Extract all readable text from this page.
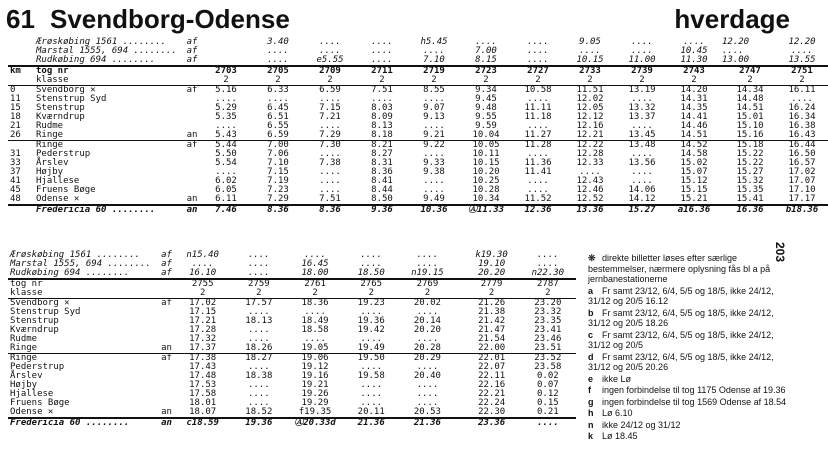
61 Svendborg-Odense	hverdage
203
	Ærøskøbing 1561 ........	af		3.40	....	....	h5.45	....	....	9.05	....	....	12.20		12.20	
	Marstal 1555, 694 ........	af		....	....	....	....	7.00	....	....	....	10.45	....		....	
	Rudkøbing 694 ........	af		....	e5.55	....	7.10	8.15	....	10.15	11.00	11.30	13.00		13.55	
km	tog nr		2703	2705	2709	2711	2719	2723	2727	2733	2739	2743		2747	2751	
	klasse		2	2	2	2	2	2	2	2	2	2		2	2	
0	Svendborg ✕	af	5.16	6.33	6.59	7.51	8.55	9.34	10.58	11.51	13.19	14.20		14.34	16.11	
11	Stenstrup Syd		....	....	....	....	....	9.45	....	12.02	....	14.31		14.48	....	
15	Stenstrup		5.29	6.45	7.15	8.03	9.07	9.48	11.11	12.05	13.32	14.35		14.51	16.24	
18	Kværndrup		5.35	6.51	7.21	8.09	9.13	9.55	11.18	12.12	13.37	14.41		15.01	16.34	
21	Rudme		....	6.55	....	8.13	....	9.59	....	12.16	....	14.46		15.10	16.38	
26	Ringe	an	5.43	6.59	7.29	8.18	9.21	10.04	11.27	12.21	13.45	14.51		15.16	16.43	
	Ringe	af	5.44	7.00	7.30	8.21	9.22	10.05	11.28	12.22	13.48	14.52		15.18	16.44	
31	Pederstrup		5.50	7.06	....	8.27	....	10.11	....	12.28	....	14.58		15.22	16.50	
33	Årslev		5.54	7.10	7.38	8.31	9.33	10.15	11.36	12.33	13.56	15.02		15.22	16.57	
37	Højby		....	7.15	....	8.36	9.38	10.20	11.41	....	....	15.07		15.27	17.02	
41	Hjallese		6.02	7.19	....	8.41	....	10.25	....	12.43	....	15.12		15.32	17.07	
45	Fruens Bøge		6.05	7.23	....	8.44	....	10.28	....	12.46	14.06	15.15		15.35	17.10	
48	Odense ✕	an	6.11	7.29	7.51	8.50	9.49	10.34	11.52	12.52	14.12	15.21		15.41	17.17	
	Fredericia 60 ........	an	7.46	8.36	8.36	9.36	10.36	Ⓐ11.33	12.36	13.36	15.27	a16.36		16.36	b18.36	
Ærøskøbing 1561 ........	af	n15.40	....	....	....	....		k19.30	....
Marstal 1555, 694 ........	af	....	....	16.45	....	....		19.10	....
Rudkøbing 694 ........	af	16.10	....	18.00	18.50	n19.15		20.20	n22.30
tog nr		2755	2759	2761	2765	2769		2779	2787
klasse		2	2	2	2	2		2	2
Svendborg ✕	af	17.02	17.57	18.36	19.23	20.02		21.26	23.20
Stenstrup Syd		17.15	....	....	....	....		21.38	23.32
Stenstrup		17.21	18.13	18.49	19.36	20.14		21.42	23.35
Kværndrup		17.28	....	18.58	19.42	20.20		21.47	23.41
Rudme		17.32	....	....	....	....		21.54	23.46
Ringe	an	17.37	18.26	19.05	19.49	20.28		22.00	23.51
Ringe	af	17.38	18.27	19.06	19.50	20.29		22.01	23.52
Pederstrup		17.43	....	19.12	....	....		22.07	23.58
Årslev		17.48	18.38	19.16	19.58	20.40		22.11	0.02
Højby		17.53	....	19.21	....	....		22.16	0.07
Hjallese		17.58	....	19.26	....	....		22.21	0.12
Fruens Bøge		18.01	....	19.29	....	....		22.24	0.15
Odense ✕	an	18.07	18.52	f19.35	20.11	20.53		22.30	0.21
Fredericia 60 ........	an	c18.59	19.36	Ⓐ20.33d	21.36	21.36		23.36	....
❊ direkte billetter løses efter særlige bestemmelser, nærmere oplysning fås bl a på jernbanestationerne
a Fr samt 23/12, 6/4, 5/5 og 18/5, ikke 24/12, 31/12 og 20/5 16.12
b Fr samt 23/12, 6/4, 5/5 og 18/5, ikke 24/12, 31/12 og 20/5 18.26
c Fr samt 23/12, 6/4, 5/5 og 18/5, ikke 24/12, 31/12 og 20/5
d Fr samt 23/12, 6/4, 5/5 og 18/5, ikke 24/12, 31/12 og 20/5 20.26
e ikke Lø
f ingen forbindelse til tog 1175 Odense af 19.36
g ingen forbindelse til tog 1569 Odense af 18.54
h Lø 6.10
n ikke 24/12 og 31/12
k Lø 18.45
